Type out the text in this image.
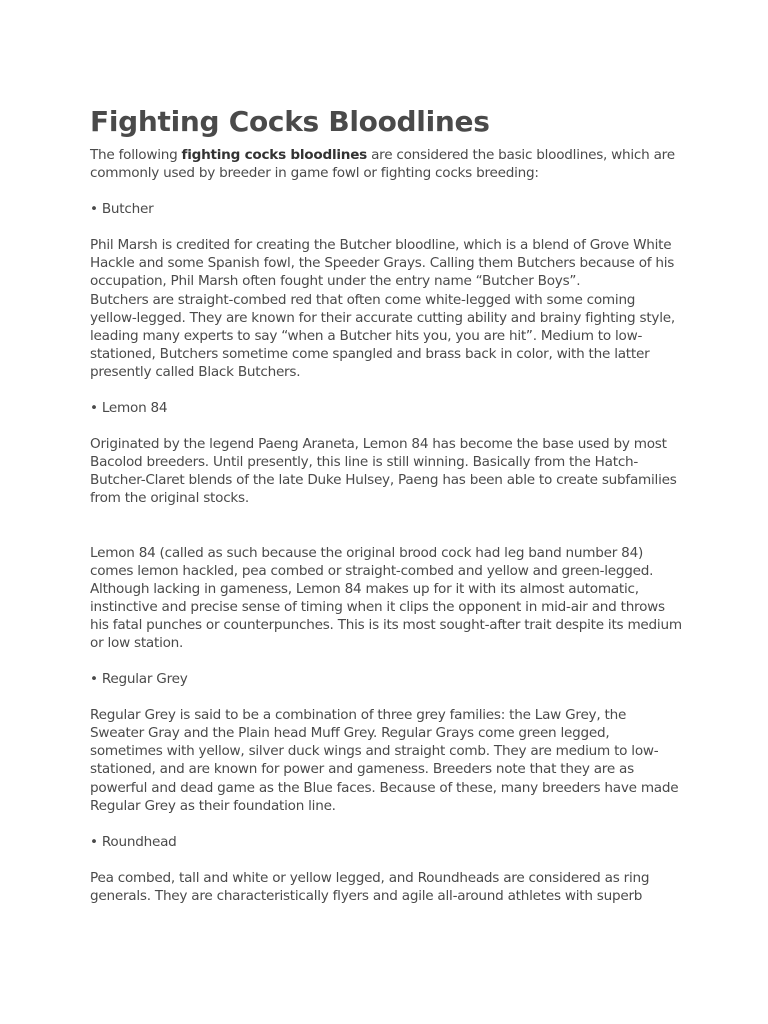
Fighting Cocks Bloodlines

The following fighting cocks bloodlines are considered the basic bloodlines, which are commonly used by breeder in game fowl or fighting cocks breeding:

• Butcher

Phil Marsh is credited for creating the Butcher bloodline, which is a blend of Grove White Hackle and some Spanish fowl, the Speeder Grays. Calling them Butchers because of his occupation, Phil Marsh often fought under the entry name “Butcher Boys”.

Butchers are straight-combed red that often come white-legged with some coming yellow-legged. They are known for their accurate cutting ability and brainy fighting style, leading many experts to say “when a Butcher hits you, you are hit”. Medium to low-stationed, Butchers sometime come spangled and brass back in color, with the latter presently called Black Butchers.

• Lemon 84

Originated by the legend Paeng Araneta, Lemon 84 has become the base used by most Bacolod breeders. Until presently, this line is still winning. Basically from the Hatch-Butcher-Claret blends of the late Duke Hulsey, Paeng has been able to create subfamilies from the original stocks.

Lemon 84 (called as such because the original brood cock had leg band number 84) comes lemon hackled, pea combed or straight-combed and yellow and green-legged. Although lacking in gameness, Lemon 84 makes up for it with its almost automatic, instinctive and precise sense of timing when it clips the opponent in mid-air and throws his fatal punches or counterpunches. This is its most sought-after trait despite its medium or low station.

• Regular Grey

Regular Grey is said to be a combination of three grey families: the Law Grey, the Sweater Gray and the Plain head Muff Grey. Regular Grays come green legged, sometimes with yellow, silver duck wings and straight comb. They are medium to low-stationed, and are known for power and gameness. Breeders note that they are as powerful and dead game as the Blue faces. Because of these, many breeders have made Regular Grey as their foundation line.

• Roundhead

Pea combed, tall and white or yellow legged, and Roundheads are considered as ring generals. They are characteristically flyers and agile all-around athletes with superb
